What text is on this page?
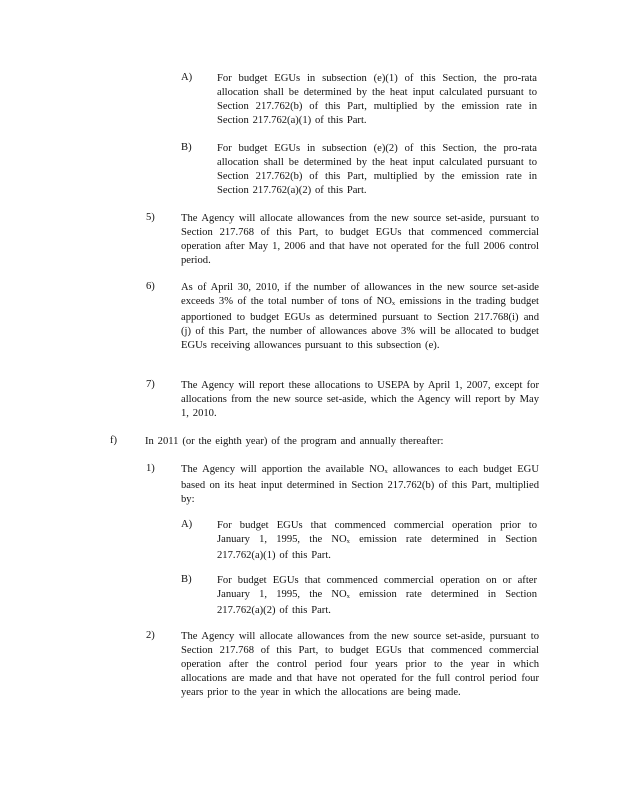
A)	For budget EGUs in subsection (e)(1) of this Section, the pro-rata allocation shall be determined by the heat input calculated pursuant to Section 217.762(b) of this Part, multiplied by the emission rate in Section 217.762(a)(1) of this Part.

B)	For budget EGUs in subsection (e)(2) of this Section, the pro-rata allocation shall be determined by the heat input calculated pursuant to Section 217.762(b) of this Part, multiplied by the emission rate in Section 217.762(a)(2) of this Part.

5)	The Agency will allocate allowances from the new source set-aside, pursuant to Section 217.768 of this Part, to budget EGUs that commenced commercial operation after May 1, 2006 and that have not operated for the full 2006 control period.

6)	As of April 30, 2010, if the number of allowances in the new source set-aside exceeds 3% of the total number of tons of $NO_x$ emissions in the trading budget apportioned to budget EGUs as determined pursuant to Section 217.768(i) and (j) of this Part, the number of allowances above 3% will be allocated to budget EGUs receiving allowances pursuant to this subsection (e).

7)	The Agency will report these allocations to USEPA by April 1, 2007, except for allocations from the new source set-aside, which the Agency will report by May 1, 2010.

f)	In 2011 (or the eighth year) of the program and annually thereafter:

1)	The Agency will apportion the available $NO_x$ allowances to each budget EGU based on its heat input determined in Section 217.762(b) of this Part, multiplied by:

A)	For budget EGUs that commenced commercial operation prior to January 1, 1995, the $NO_x$ emission rate determined in Section 217.762(a)(1) of this Part.

B)	For budget EGUs that commenced commercial operation on or after January 1, 1995, the $NO_x$ emission rate determined in Section 217.762(a)(2) of this Part.

2)	The Agency will allocate allowances from the new source set-aside, pursuant to Section 217.768 of this Part, to budget EGUs that commenced commercial operation after the control period four years prior to the year in which allocations are made and that have not operated for the full control period four years prior to the year in which the allocations are being made.
